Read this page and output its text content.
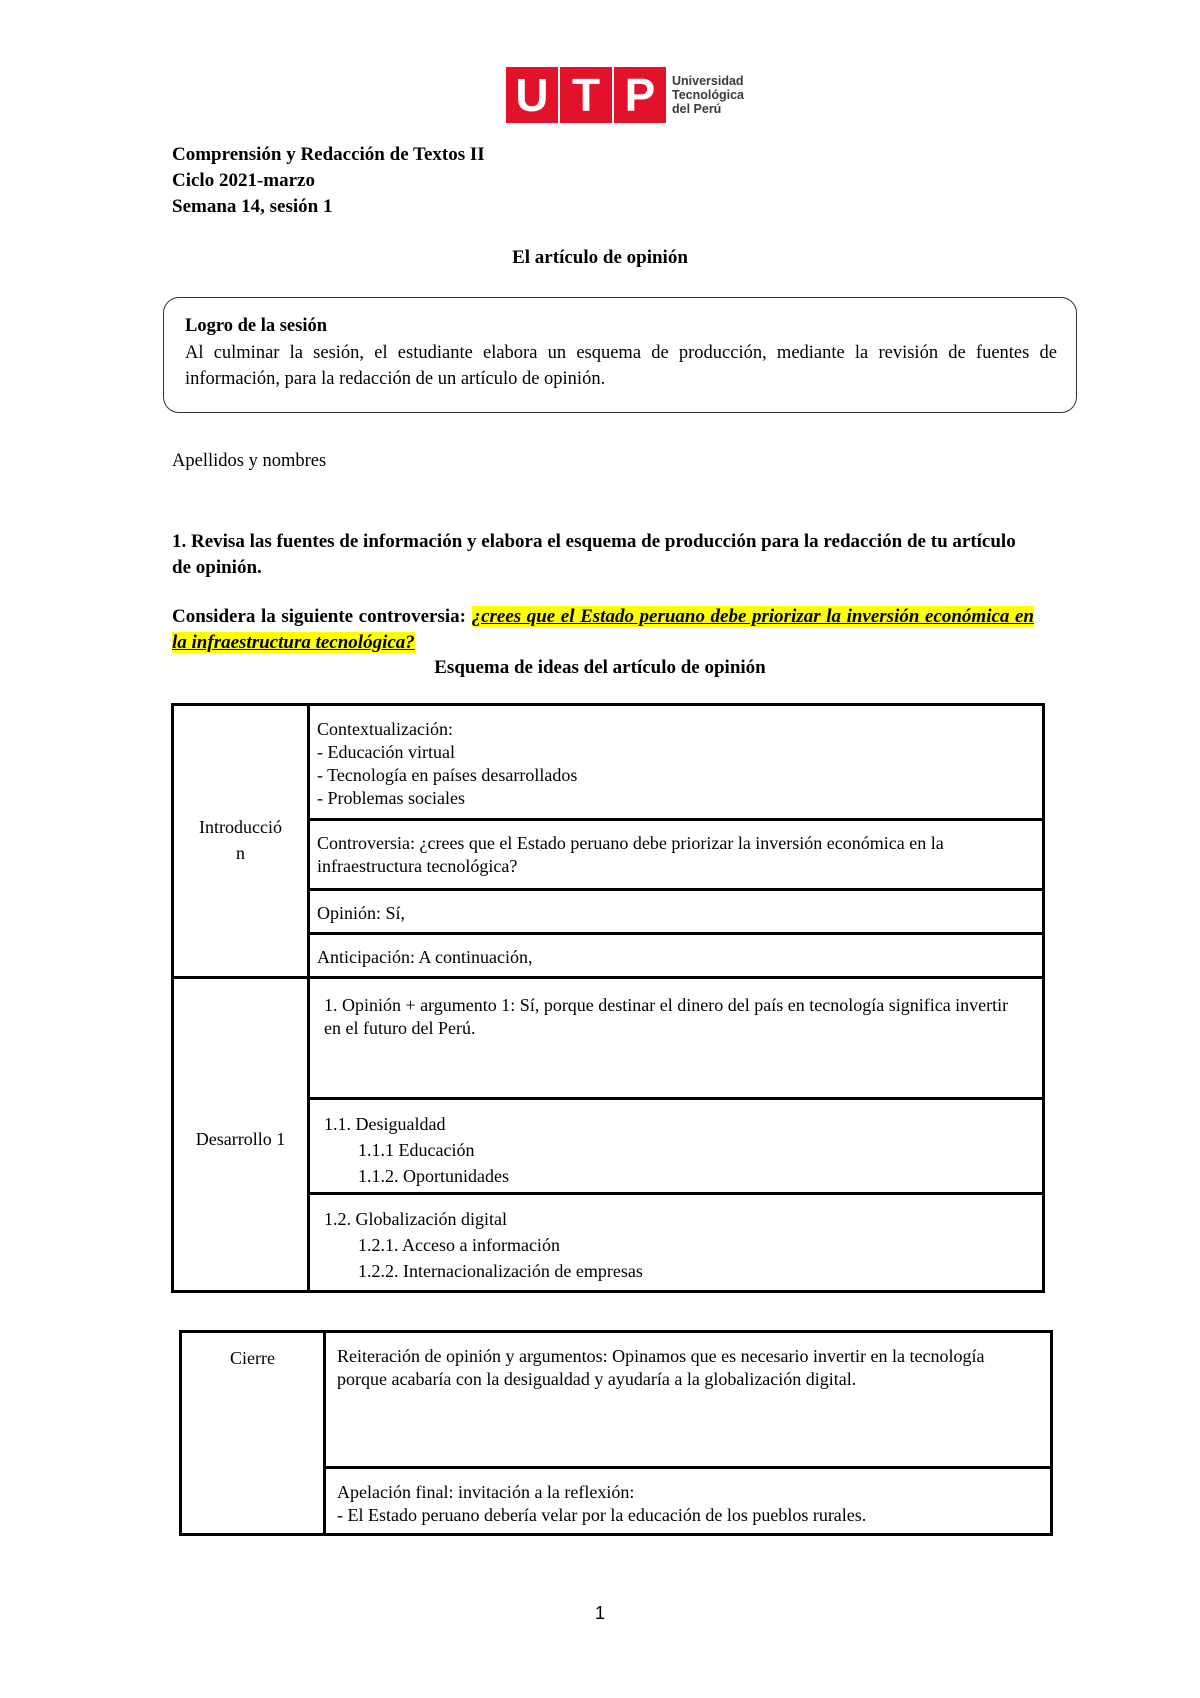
U T P	Universidad
Tecnológica
del Perú
Comprensión y Redacción de Textos II
Ciclo 2021-marzo
Semana 14, sesión 1
El artículo de opinión
Logro de la sesión
Al culminar la sesión, el estudiante elabora un esquema de producción, mediante la revisión de fuentes de información, para la redacción de un artículo de opinión.
Apellidos y nombres
1. Revisa las fuentes de información y elabora el esquema de producción para la redacción de tu artículo de opinión.
Considera la siguiente controversia: ¿crees que el Estado peruano debe priorizar la inversión económica en la infraestructura tecnológica?
Esquema de ideas del artículo de opinión
Introducció
n
Contextualización:
- Educación virtual
- Tecnología en países desarrollados
- Problemas sociales
Controversia: ¿crees que el Estado peruano debe priorizar la inversión económica en la infraestructura tecnológica?
Opinión: Sí,
Anticipación: A continuación,
Desarrollo 1
1. Opinión + argumento 1: Sí, porque destinar el dinero del país en tecnología significa invertir en el futuro del Perú.
1.1. Desigualdad
1.1.1 Educación
1.1.2. Oportunidades
1.2. Globalización digital
1.2.1. Acceso a información
1.2.2. Internacionalización de empresas
Cierre	Reiteración de opinión y argumentos: Opinamos que es necesario invertir en la tecnología porque acabaría con la desigualdad y ayudaría a la globalización digital.
Apelación final: invitación a la reflexión:
- El Estado peruano debería velar por la educación de los pueblos rurales.
1
